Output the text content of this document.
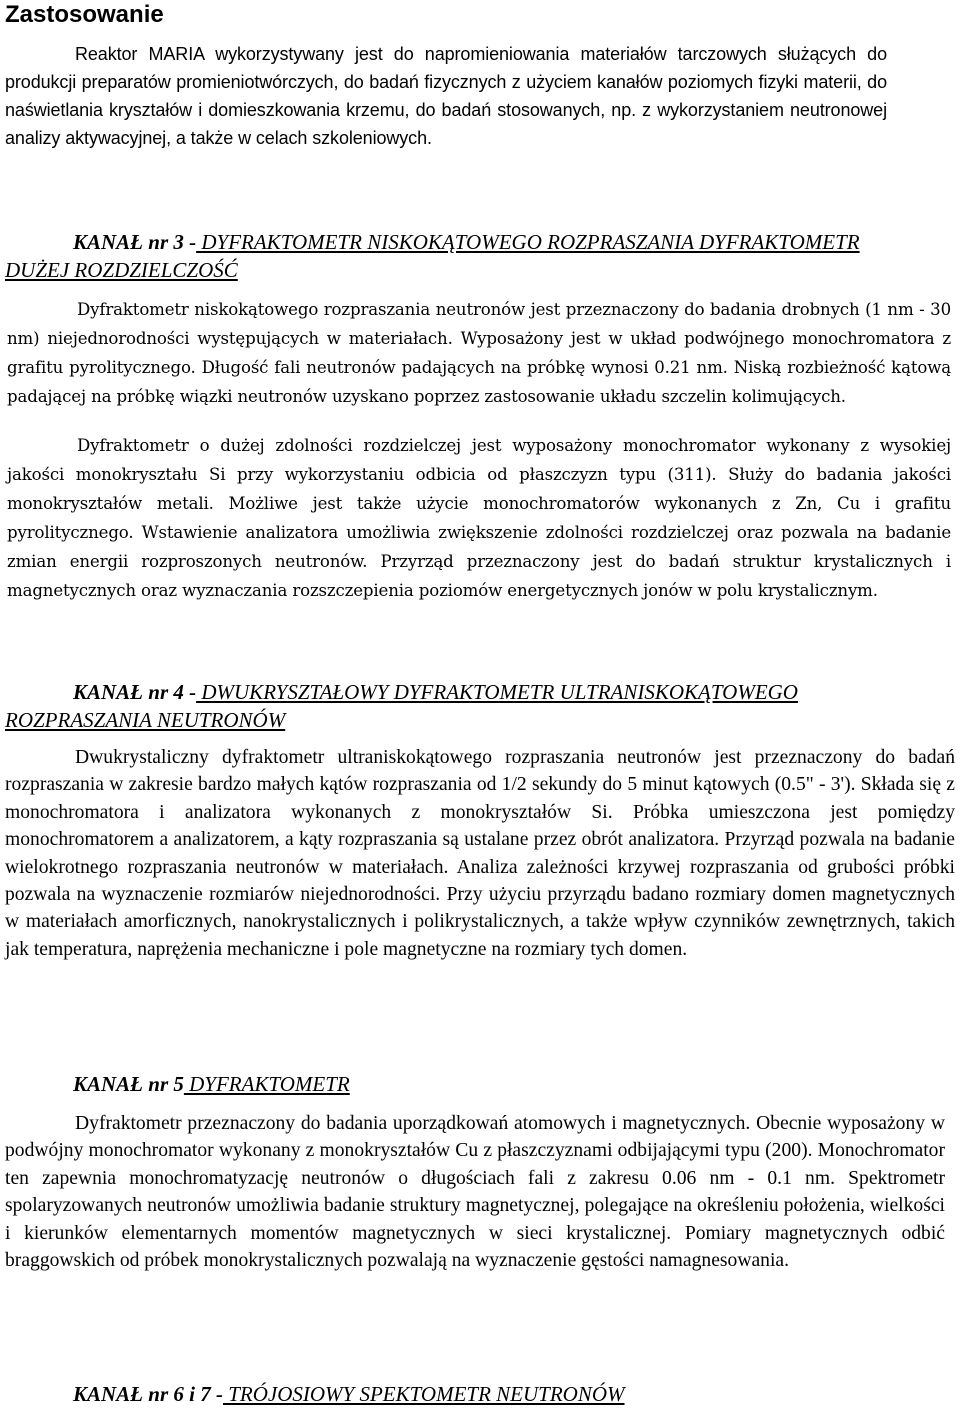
Zastosowanie

Reaktor MARIA wykorzystywany jest do napromieniowania materiałów tarczowych służących do produkcji preparatów promieniotwórczych, do badań fizycznych z użyciem kanałów poziomych fizyki materii, do naświetlania kryształów i domieszkowania krzemu, do badań stosowanych, np. z wykorzystaniem neutronowej analizy aktywacyjnej, a także w celach szkoleniowych.

KANAŁ nr 3 - DYFRAKTOMETR NISKOKĄTOWEGO ROZPRASZANIA DYFRAKTOMETR DUŻEJ ROZDZIELCZOŚĆ

Dyfraktometr niskokątowego rozpraszania neutronów jest przeznaczony do badania drobnych (1 nm - 30 nm) niejednorodności występujących w materiałach. Wyposażony jest w układ podwójnego monochromatora z grafitu pyrolitycznego. Długość fali neutronów padających na próbkę wynosi 0.21 nm. Niską rozbieżność kątową padającej na próbkę wiązki neutronów uzyskano poprzez zastosowanie układu szczelin kolimujących.

Dyfraktometr o dużej zdolności rozdzielczej jest wyposażony monochromator wykonany z wysokiej jakości monokryształu Si przy wykorzystaniu odbicia od płaszczyzn typu (311). Służy do badania jakości monokryształów metali. Możliwe jest także użycie monochromatorów wykonanych z Zn, Cu i grafitu pyrolitycznego. Wstawienie analizatora umożliwia zwiększenie zdolności rozdzielczej oraz pozwala na badanie zmian energii rozproszonych neutronów. Przyrząd przeznaczony jest do badań struktur krystalicznych i magnetycznych oraz wyznaczania rozszczepienia poziomów energetycznych jonów w polu krystalicznym.

KANAŁ nr 4 - DWUKRYSZTAŁOWY DYFRAKTOMETR ULTRANISKOKĄTOWEGO ROZPRASZANIA NEUTRONÓW

Dwukrystaliczny dyfraktometr ultraniskokątowego rozpraszania neutronów jest przeznaczony do badań rozpraszania w zakresie bardzo małych kątów rozpraszania od 1/2 sekundy do 5 minut kątowych (0.5" - 3'). Składa się z monochromatora i analizatora wykonanych z monokryształów Si. Próbka umieszczona jest pomiędzy monochromatorem a analizatorem, a kąty rozpraszania są ustalane przez obrót analizatora. Przyrząd pozwala na badanie wielokrotnego rozpraszania neutronów w materiałach. Analiza zależności krzywej rozpraszania od grubości próbki pozwala na wyznaczenie rozmiarów niejednorodności. Przy użyciu przyrządu badano rozmiary domen magnetycznych w materiałach amorficznych, nanokrystalicznych i polikrystalicznych, a także wpływ czynników zewnętrznych, takich jak temperatura, naprężenia mechaniczne i pole magnetyczne na rozmiary tych domen.

KANAŁ nr 5 DYFRAKTOMETR

Dyfraktometr przeznaczony do badania uporządkowań atomowych i magnetycznych. Obecnie wyposażony w podwójny monochromator wykonany z monokryształów Cu z płaszczyznami odbijającymi typu (200). Monochromator ten zapewnia monochromatyzację neutronów o długościach fali z zakresu 0.06 nm - 0.1 nm. Spektrometr spolaryzowanych neutronów umożliwia badanie struktury magnetycznej, polegające na określeniu położenia, wielkości i kierunków elementarnych momentów magnetycznych w sieci krystalicznej. Pomiary magnetycznych odbić braggowskich od próbek monokrystalicznych pozwalają na wyznaczenie gęstości namagnesowania.

KANAŁ nr 6 i 7 - TRÓJOSIOWY SPEKTOMETR NEUTRONÓW
